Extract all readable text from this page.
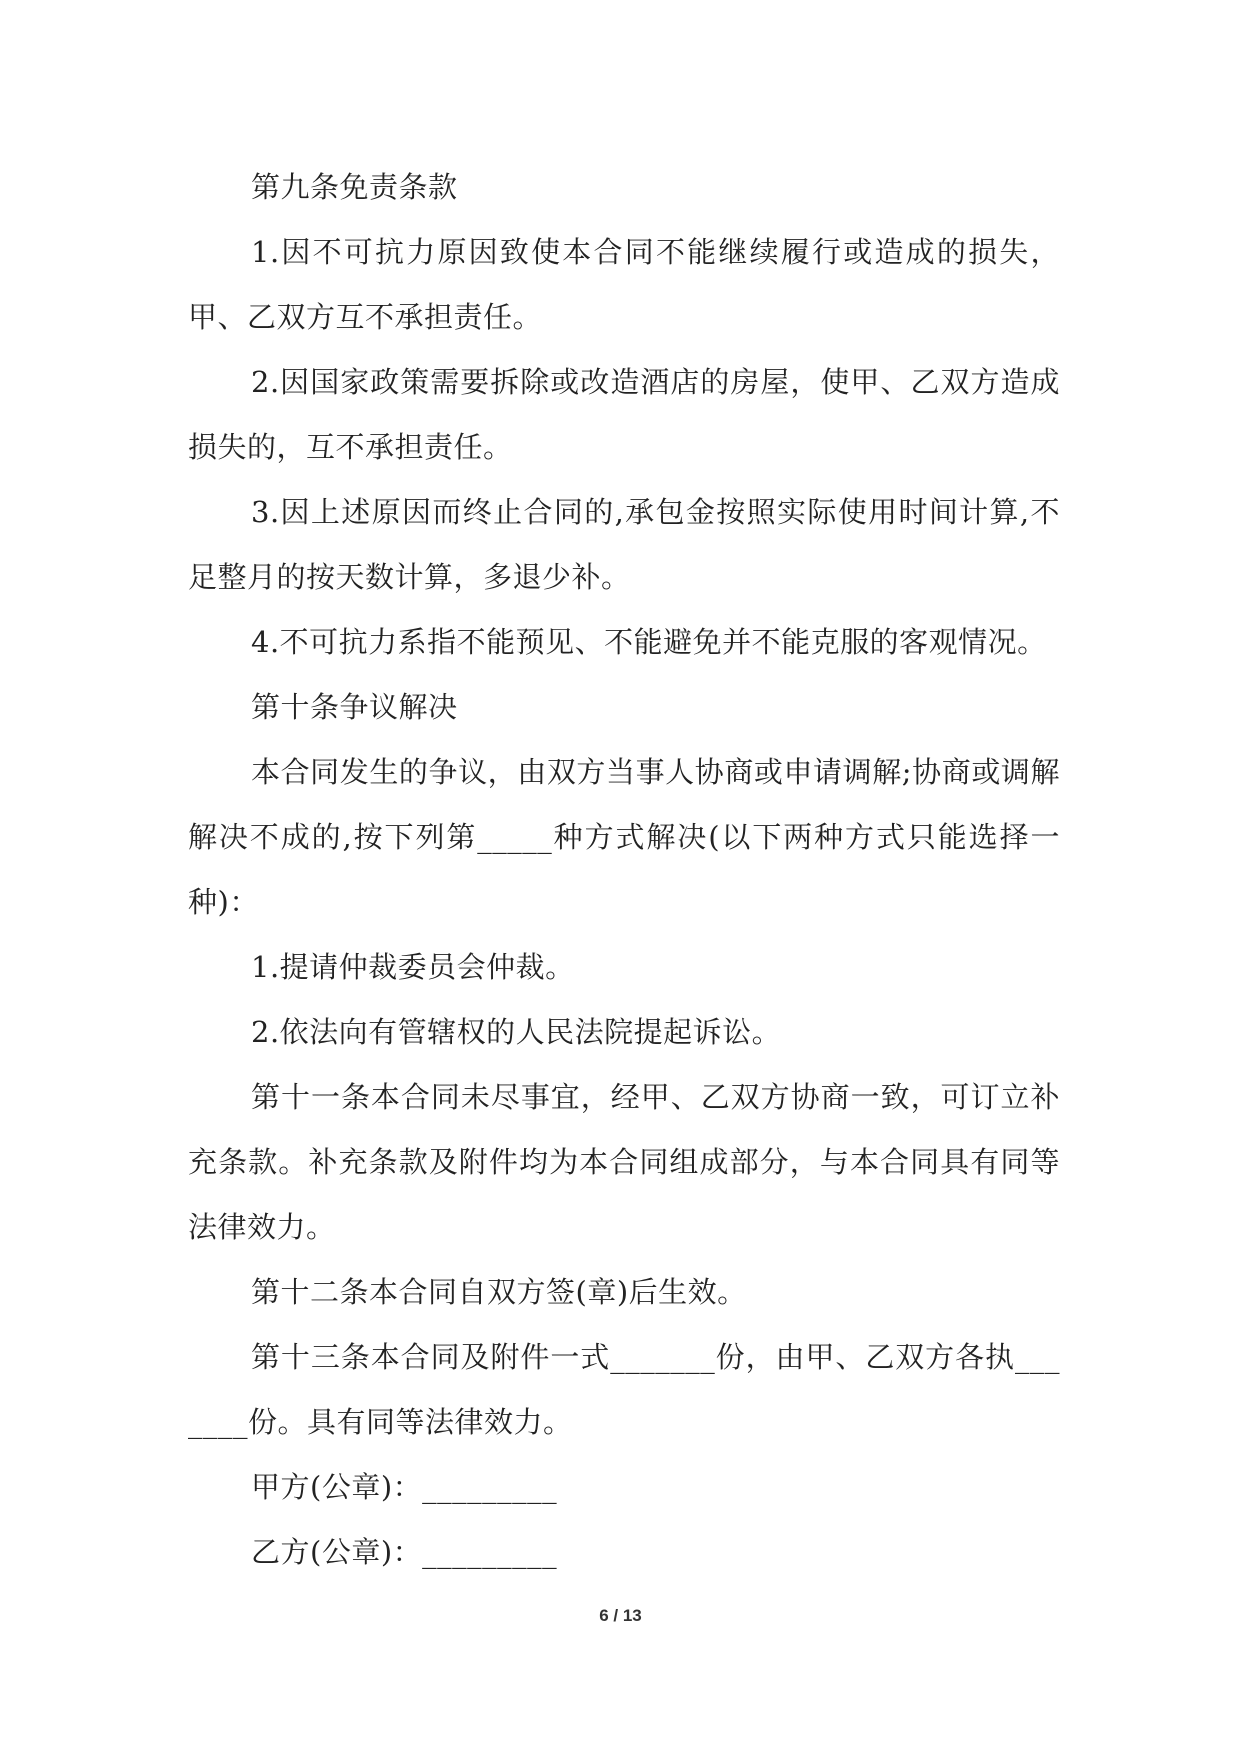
第九条免责条款

1.因不可抗力原因致使本合同不能继续履行或造成的损失，甲、乙双方互不承担责任。

2.因国家政策需要拆除或改造酒店的房屋，使甲、乙双方造成损失的，互不承担责任。

3.因上述原因而终止合同的,承包金按照实际使用时间计算,不足整月的按天数计算，多退少补。

4.不可抗力系指不能预见、不能避免并不能克服的客观情况。

第十条争议解决

本合同发生的争议，由双方当事人协商或申请调解;协商或调解解决不成的,按下列第_____种方式解决(以下两种方式只能选择一种)：

1.提请仲裁委员会仲裁。

2.依法向有管辖权的人民法院提起诉讼。

第十一条本合同未尽事宜，经甲、乙双方协商一致，可订立补充条款。补充条款及附件均为本合同组成部分，与本合同具有同等法律效力。

第十二条本合同自双方签(章)后生效。

第十三条本合同及附件一式_______份，由甲、乙双方各执_______份。具有同等法律效力。

甲方(公章)：_________

乙方(公章)：_________

6 / 13
